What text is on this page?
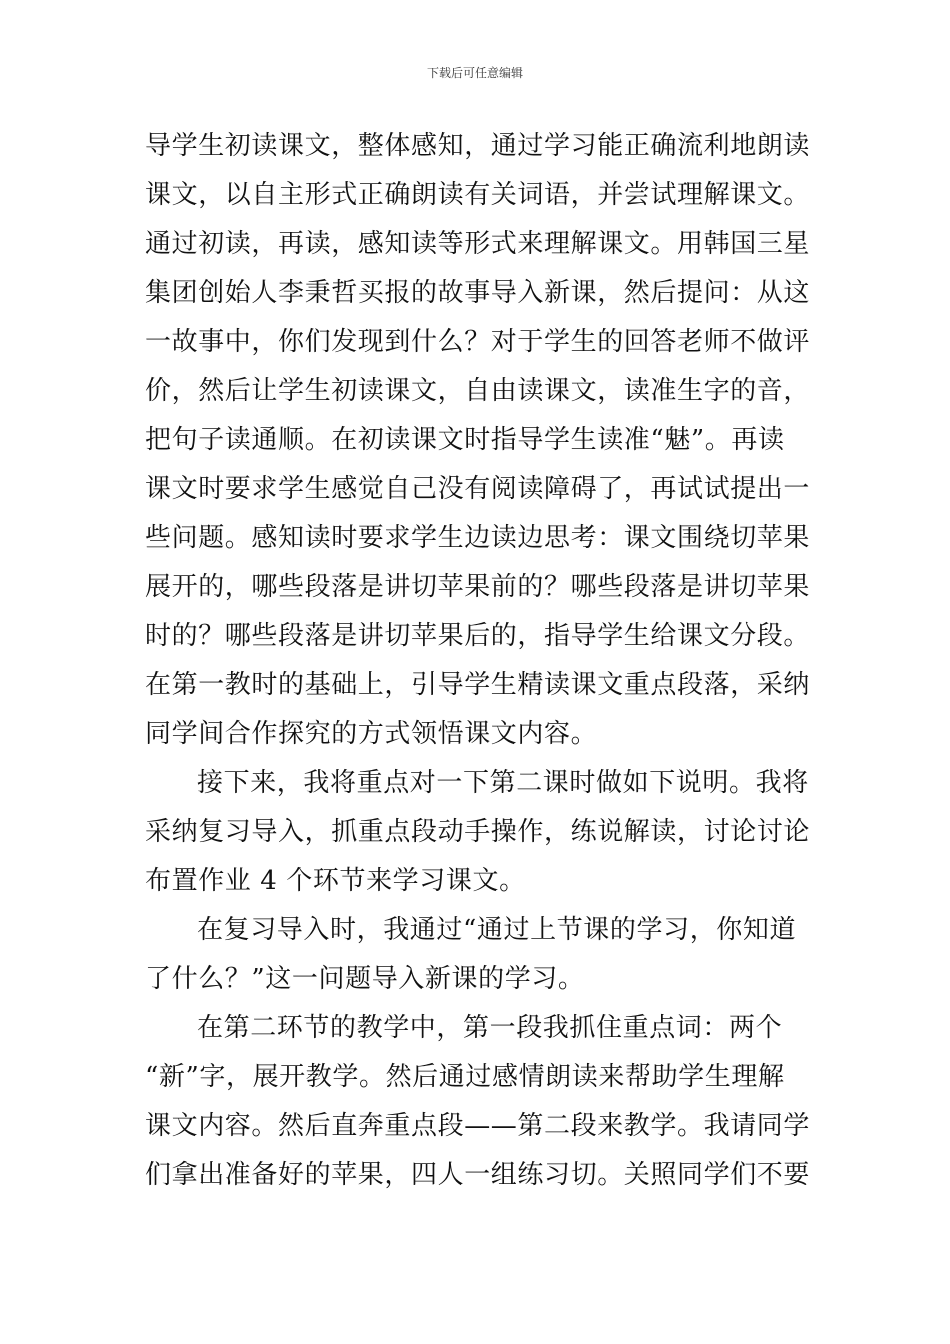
下载后可任意编辑
导学生初读课文，整体感知，通过学习能正确流利地朗读
课文，以自主形式正确朗读有关词语，并尝试理解课文。
通过初读，再读，感知读等形式来理解课文。用韩国三星
集团创始人李秉哲买报的故事导入新课，然后提问：从这
一故事中，你们发现到什么？对于学生的回答老师不做评
价，然后让学生初读课文，自由读课文，读准生字的音，
把句子读通顺。在初读课文时指导学生读准“魅”。再读
课文时要求学生感觉自己没有阅读障碍了，再试试提出一
些问题。感知读时要求学生边读边思考：课文围绕切苹果
展开的，哪些段落是讲切苹果前的？哪些段落是讲切苹果
时的？哪些段落是讲切苹果后的，指导学生给课文分段。
在第一教时的基础上，引导学生精读课文重点段落，采纳
同学间合作探究的方式领悟课文内容。
接下来，我将重点对一下第二课时做如下说明。我将
采纳复习导入，抓重点段动手操作，练说解读，讨论讨论
布置作业 4 个环节来学习课文。
在复习导入时，我通过“通过上节课的学习，你知道
了什么？”这一问题导入新课的学习。
在第二环节的教学中，第一段我抓住重点词：两个
“新”字，展开教学。然后通过感情朗读来帮助学生理解
课文内容。然后直奔重点段——第二段来教学。我请同学
们拿出准备好的苹果，四人一组练习切。关照同学们不要
